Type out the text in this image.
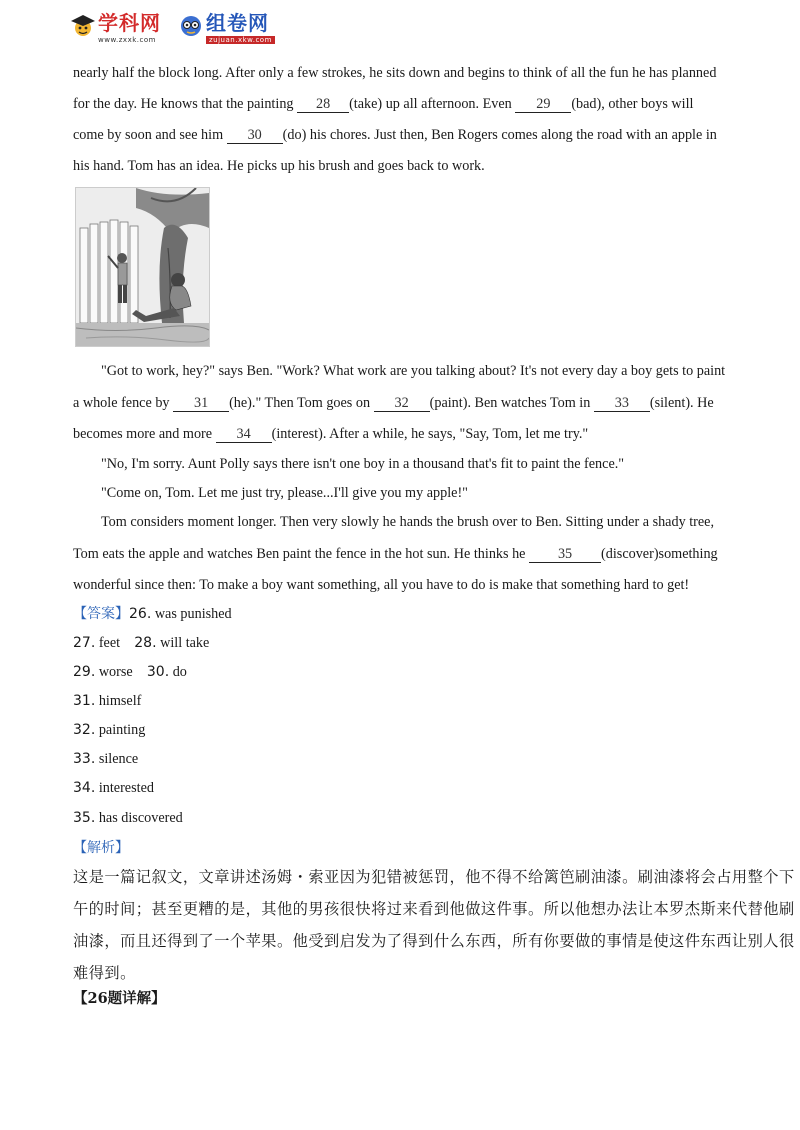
学科网
www.zxxk.com
组卷网
zujuan.xkw.com
nearly half the block long. After only a few strokes, he sits down and begins to think of all the fun he has planned
for the day. He knows that the painting 28 (take) up all afternoon. Even 29 (bad), other boys will
come by soon and see him 30 (do) his chores. Just then, Ben Rogers comes along the road with an apple in
his hand. Tom has an idea. He picks up his brush and goes back to work.
"Got to work, hey?" says Ben. "Work? What work are you talking about? It's not every day a boy gets to paint
a whole fence by 31 (he)." Then Tom goes on 32 (paint). Ben watches Tom in 33 (silent). He
becomes more and more 34 (interest). After a while, he says, "Say, Tom, let me try."
"No, I'm sorry. Aunt Polly says there isn't one boy in a thousand that's fit to paint the fence."
"Come on, Tom. Let me just try, please...I'll give you my apple!"
Tom considers moment longer. Then very slowly he hands the brush over to Ben. Sitting under a shady tree,
Tom eats the apple and watches Ben paint the fence in the hot sun. He thinks he 35 (discover)something
wonderful since then: To make a boy want something, all you have to do is make that something hard to get!
【答案】26. was punished
27. feet 28. will take
29. worse 30. do
31. himself
32. painting
33. silence
34. interested
35. has discovered
【解析】
这是一篇记叙文，文章讲述汤姆・索亚因为犯错被惩罚，他不得不给篱笆刷油漆。刷油漆将会占用整个下
午的时间；甚至更糟的是，其他的男孩很快将过来看到他做这件事。所以他想办法让本罗杰斯来代替他刷
油漆，而且还得到了一个苹果。他受到启发为了得到什么东西，所有你要做的事情是使这件东西让别人很
难得到。
【26题详解】
